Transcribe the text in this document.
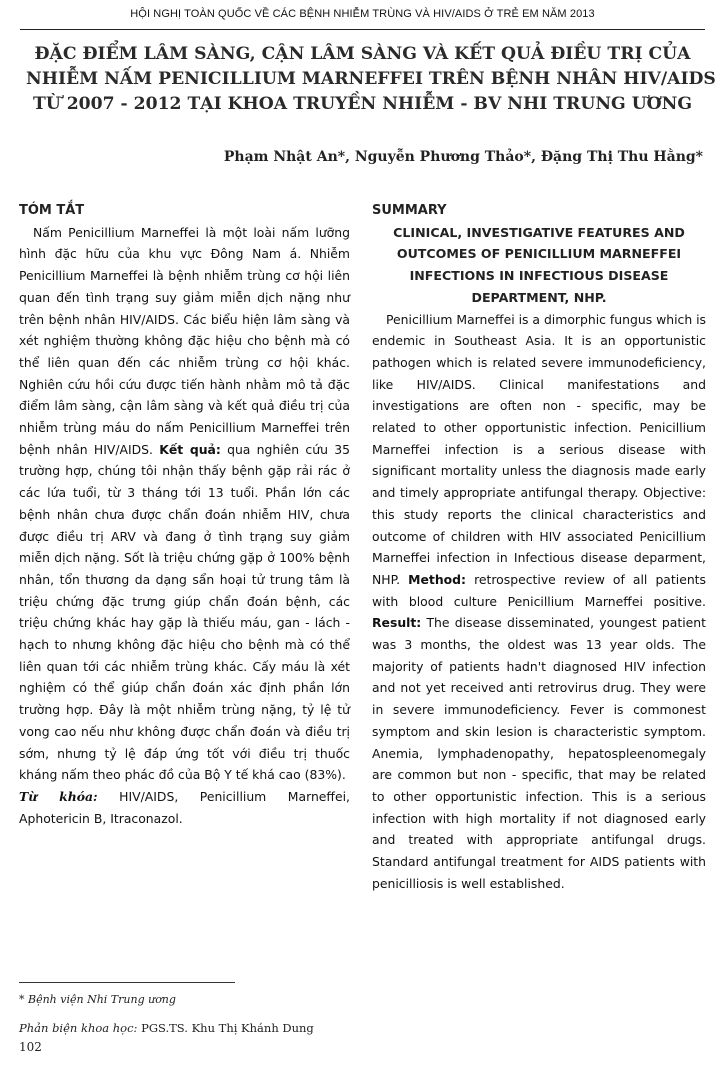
HỘI NGHỊ TOÀN QUỐC VỀ CÁC BỆNH NHIỄM TRÙNG VÀ HIV/AIDS Ở TRẺ EM NĂM 2013
ĐẶC ĐIỂM LÂM SÀNG, CẬN LÂM SÀNG VÀ KẾT QUẢ ĐIỀU TRỊ CỦA
NHIỄM NẤM PENICILLIUM MARNEFFEI TRÊN BỆNH NHÂN HIV/AIDS
TỪ 2007 - 2012 TẠI KHOA TRUYỀN NHIỄM - BV NHI TRUNG ƯƠNG
Phạm Nhật An*, Nguyễn Phương Thảo*, Đặng Thị Thu Hằng*
TÓM TẮT

Nấm Penicillium Marneffei là một loài nấm lưỡng hình đặc hữu của khu vực Đông Nam á. Nhiễm Penicillium Marneffei là bệnh nhiễm trùng cơ hội liên quan đến tình trạng suy giảm miễn dịch nặng như trên bệnh nhân HIV/AIDS. Các biểu hiện lâm sàng và xét nghiệm thường không đặc hiệu cho bệnh mà có thể liên quan đến các nhiễm trùng cơ hội khác. Nghiên cứu hồi cứu được tiến hành nhằm mô tả đặc điểm lâm sàng, cận lâm sàng và kết quả điều trị của nhiễm trùng máu do nấm Penicillium Marneffei trên bệnh nhân HIV/AIDS. Kết quả: qua nghiên cứu 35 trường hợp, chúng tôi nhận thấy bệnh gặp rải rác ở các lứa tuổi, từ 3 tháng tới 13 tuổi. Phần lớn các bệnh nhân chưa được chẩn đoán nhiễm HIV, chưa được điều trị ARV và đang ở tình trạng suy giảm miễn dịch nặng. Sốt là triệu chứng gặp ở 100% bệnh nhân, tổn thương da dạng sẩn hoại tử trung tâm là triệu chứng đặc trưng giúp chẩn đoán bệnh, các triệu chứng khác hay gặp là thiếu máu, gan - lách - hạch to nhưng không đặc hiệu cho bệnh mà có thể liên quan tới các nhiễm trùng khác. Cấy máu là xét nghiệm có thể giúp chẩn đoán xác định phần lớn trường hợp. Đây là một nhiễm trùng nặng, tỷ lệ tử vong cao nếu như không được chẩn đoán và điều trị sớm, nhưng tỷ lệ đáp ứng tốt với điều trị thuốc kháng nấm theo phác đồ của Bộ Y tế khá cao (83%).

Từ khóa: HIV/AIDS, Penicillium Marneffei, Aphotericin B, Itraconazol.

SUMMARY
CLINICAL, INVESTIGATIVE FEATURES AND OUTCOMES OF PENICILLIUM MARNEFFEI INFECTIONS IN INFECTIOUS DISEASE DEPARTMENT, NHP.

Penicillium Marneffei is a dimorphic fungus which is endemic in Southeast Asia. It is an opportunistic pathogen which is related severe immunodeficiency, like HIV/AIDS. Clinical manifestations and investigations are often non - specific, may be related to other opportunistic infection. Penicillium Marneffei infection is a serious disease with significant mortality unless the diagnosis made early and timely appropriate antifungal therapy. Objective: this study reports the clinical characteristics and outcome of children with HIV associated Penicillium Marneffei infection in Infectious disease deparment, NHP. Method: retrospective review of all patients with blood culture Penicillium Marneffei positive. Result: The disease disseminated, youngest patient was 3 months, the oldest was 13 year olds. The majority of patients hadn't diagnosed HIV infection and not yet received anti retrovirus drug. They were in severe immunodeficiency. Fever is commonest symptom and skin lesion is characteristic symptom. Anemia, lymphadenopathy, hepatospleenomegaly are common but non - specific, that may be related to other opportunistic infection. This is a serious infection with high mortality if not diagnosed early and treated with appropriate antifungal drugs. Standard antifungal treatment for AIDS patients with penicilliosis is well established.

* Bệnh viện Nhi Trung ương
Phản biện khoa học: PGS.TS. Khu Thị Khánh Dung
102
